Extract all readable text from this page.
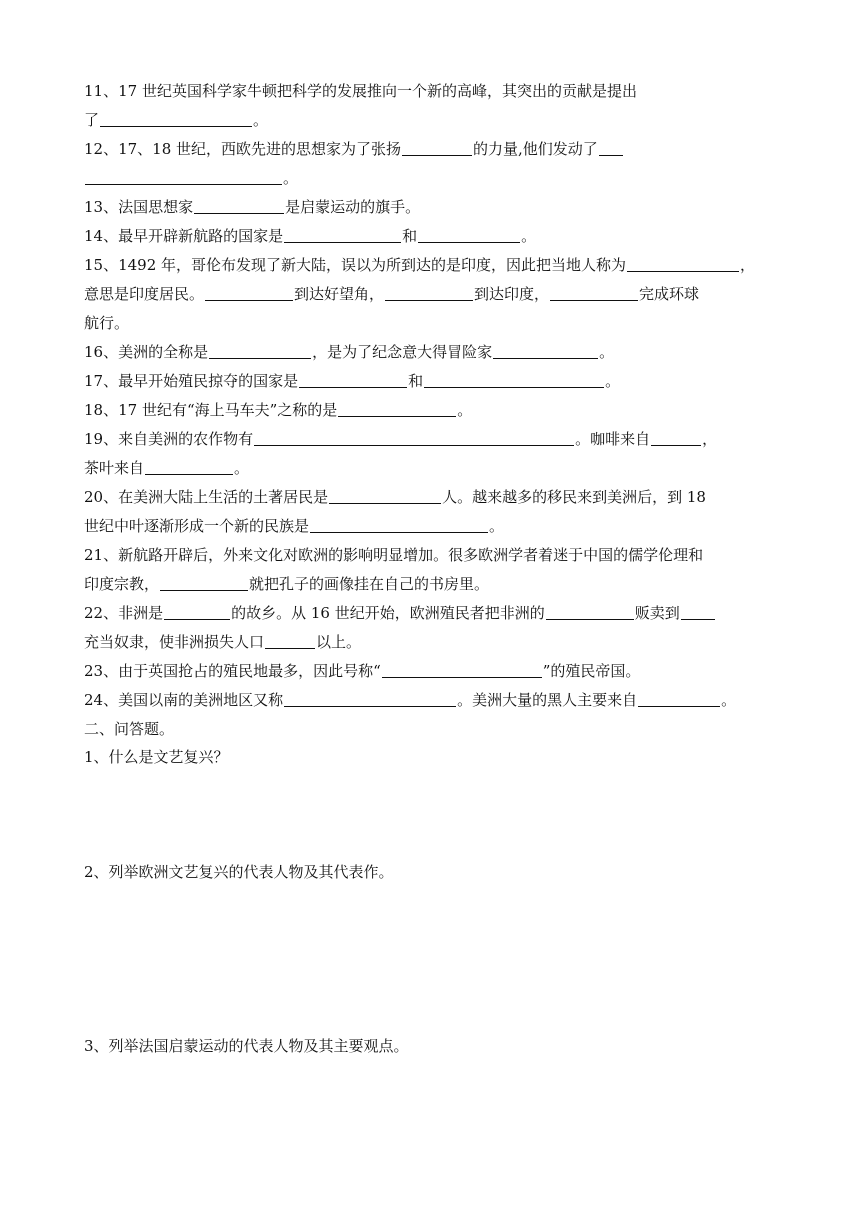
11、17 世纪英国科学家牛顿把科学的发展推向一个新的高峰，其突出的贡献是提出
了	。
12、17、18 世纪，西欧先进的思想家为了张扬	的力量,他们发动了
。
13、法国思想家	是启蒙运动的旗手。
14、最早开辟新航路的国家是	和	。
15、1492 年，哥伦布发现了新大陆，误以为所到达的是印度，因此把当地人称为	，
意思是印度居民。	到达好望角，	到达印度，	完成环球
航行。
16、美洲的全称是	，是为了纪念意大得冒险家	。
17、最早开始殖民掠夺的国家是	和	。
18、17 世纪有“海上马车夫”之称的是	。
19、来自美洲的农作物有	。咖啡来自	，
茶叶来自	。
20、在美洲大陆上生活的土著居民是	人。越来越多的移民来到美洲后，到 18
世纪中叶逐渐形成一个新的民族是	。
21、新航路开辟后，外来文化对欧洲的影响明显增加。很多欧洲学者着迷于中国的儒学伦理和
印度宗教，	就把孔子的画像挂在自己的书房里。
22、非洲是	的故乡。从 16 世纪开始，欧洲殖民者把非洲的	贩卖到
充当奴隶，使非洲损失人口	以上。
23、由于英国抢占的殖民地最多，因此号称“	”的殖民帝国。
24、美国以南的美洲地区又称	。美洲大量的黑人主要来自	。
二、问答题。
1、什么是文艺复兴？
2、列举欧洲文艺复兴的代表人物及其代表作。
3、列举法国启蒙运动的代表人物及其主要观点。
